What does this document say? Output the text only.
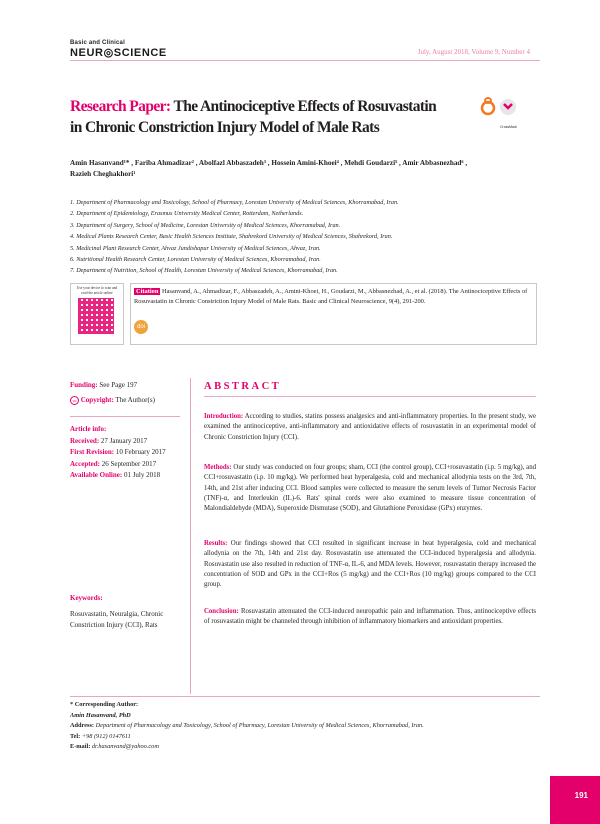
Basic and Clinical
NEUR◎SCIENCE	July, August 2018, Volume 9, Number 4
Research Paper: The Antinociceptive Effects of Rosuvastatin
in Chronic Constriction Injury Model of Male Rats	CrossMark
Amin Hasanvand¹* , Fariba Ahmadizar² , Abolfazl Abbaszadeh³ , Hossein Amini-Khoei⁴ , Mehdi Goudarzi⁵ , Amir Abbasnezhad⁶ ,
Razieh Cheghakhori¹
1. Department of Pharmacology and Toxicology, School of Pharmacy, Lorestan University of Medical Sciences, Khorramabad, Iran.
2. Department of Epidemiology, Erasmus University Medical Center, Rotterdam, Netherlands.
3. Department of Surgery, School of Medicine, Lorestan University of Medical Sciences, Khorramabad, Iran.
4. Medical Plants Research Center, Basic Health Sciences Institute, Shahrekord University of Medical Sciences, Shahrekord, Iran.
5. Medicinal Plant Research Center, Ahvaz Jundishapur University of Medical Sciences, Ahvaz, Iran.
6. Nutritional Health Research Center, Lorestan University of Medical Sciences, Khorramabad, Iran.
7. Department of Nutrition, School of Health, Lorestan University of Medical Sciences, Khorramabad, Iran.
Use your device to scan and read the article online	Citation Hasanvand, A., Ahmadizar, F., Abbaszadeh, A., Amini-Khoei, H., Goudarzi, M., Abbasnezhad, A., et al. (2018). The Antinociceptive Effects of Rosuvastatin in Chronic Constriction Injury Model of Male Rats. Basic and Clinical Neuroscience, 9(4), 291-200.
doi
Funding: See Page 197
cc Copyright: The Author(s)
Article info:
Received: 27 January 2017
First Revision: 10 February 2017
Accepted: 26 September 2017
Available Online: 01 July 2018
Keywords:
Rosuvastatin, Neuralgia, Chronic Constriction Injury (CCI), Rats
ABSTRACT
Introduction: According to studies, statins possess analgesics and anti-inflammatory properties. In the present study, we examined the antinociceptive, anti-inflammatory and antioxidative effects of rosuvastatin in an experimental model of Chronic Constriction Injury (CCI).
Methods: Our study was conducted on four groups; sham, CCI (the control group), CCI+rosuvastatin (i.p. 5 mg/kg), and CCI+rosuvastatin (i.p. 10 mg/kg). We performed heat hyperalgesia, cold and mechanical allodynia tests on the 3rd, 7th, 14th, and 21st after inducing CCI. Blood samples were collected to measure the serum levels of Tumor Necrosis Factor (TNF)-α, and Interleukin (IL)-6. Rats' spinal cords were also examined to measure tissue concentration of Malondialdehyde (MDA), Superoxide Dismutase (SOD), and Glutathione Peroxidase (GPx) enzymes.
Results: Our findings showed that CCI resulted in significant increase in heat hyperalgesia, cold and mechanical allodynia on the 7th, 14th and 21st day. Rosuvastatin use attenuated the CCI-induced hyperalgesia and allodynia. Rosuvastatin use also resulted in reduction of TNF-α, IL-6, and MDA levels. However, rosuvastatin therapy increased the concentration of SOD and GPx in the CCI+Ros (5 mg/kg) and the CCI+Ros (10 mg/kg) groups compared to the CCI group.
Conclusion: Rosuvastatin attenuated the CCI-induced neuropathic pain and inflammation. Thus, antinociceptive effects of rosuvastatin might be channeled through inhibition of inflammatory biomarkers and antioxidant properties.
* Corresponding Author:
Amin Hasanvand, PhD
Address: Department of Pharmacology and Toxicology, School of Pharmacy, Lorestan University of Medical Sciences, Khorramabad, Iran.
Tel: +98 (912) 0147611
E-mail: dr.hasanvand@yahoo.com
191
